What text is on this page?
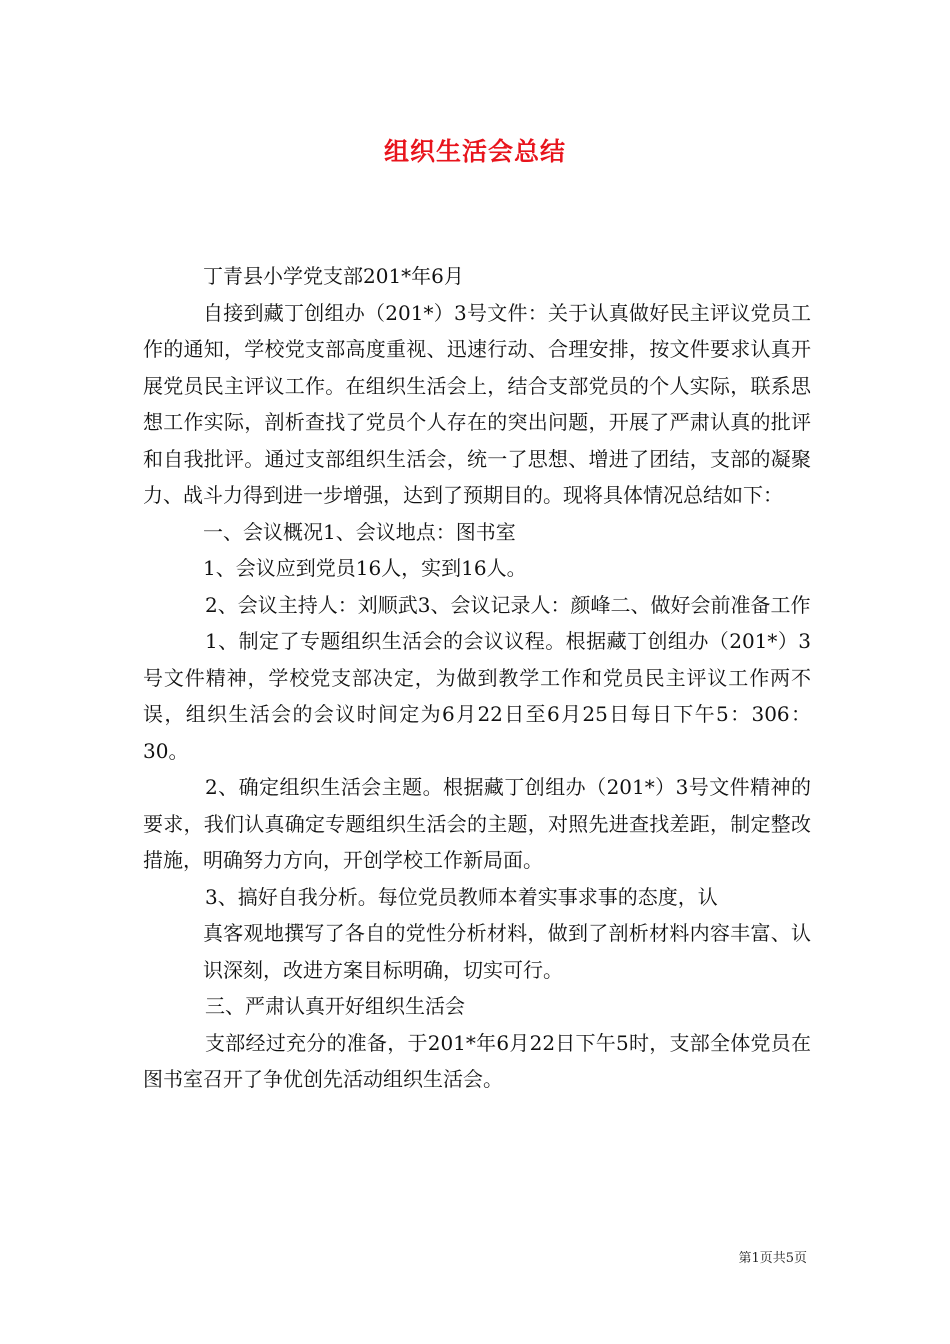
组织生活会总结

丁青县小学党支部201*年6月

自接到藏丁创组办（201*）3号文件：关于认真做好民主评议党员工作的通知，学校党支部高度重视、迅速行动、合理安排，按文件要求认真开展党员民主评议工作。在组织生活会上，结合支部党员的个人实际，联系思想工作实际，剖析查找了党员个人存在的突出问题，开展了严肃认真的批评和自我批评。通过支部组织生活会，统一了思想、增进了团结，支部的凝聚力、战斗力得到进一步增强，达到了预期目的。现将具体情况总结如下：

一、会议概况1、会议地点：图书室

1、会议应到党员16人，实到16人。

2、会议主持人：刘顺武3、会议记录人：颜峰二、做好会前准备工作

1、制定了专题组织生活会的会议议程。根据藏丁创组办（201*）3号文件精神，学校党支部决定，为做到教学工作和党员民主评议工作两不误，组织生活会的会议时间定为6月22日至6月25日每日下午5：306：30。

2、确定组织生活会主题。根据藏丁创组办（201*）3号文件精神的要求，我们认真确定专题组织生活会的主题，对照先进查找差距，制定整改措施，明确努力方向，开创学校工作新局面。

3、搞好自我分析。每位党员教师本着实事求事的态度，认

真客观地撰写了各自的党性分析材料，做到了剖析材料内容丰富、认识深刻，改进方案目标明确，切实可行。

三、严肃认真开好组织生活会

支部经过充分的准备，于201*年6月22日下午5时，支部全体党员在图书室召开了争优创先活动组织生活会。

第1页共5页
